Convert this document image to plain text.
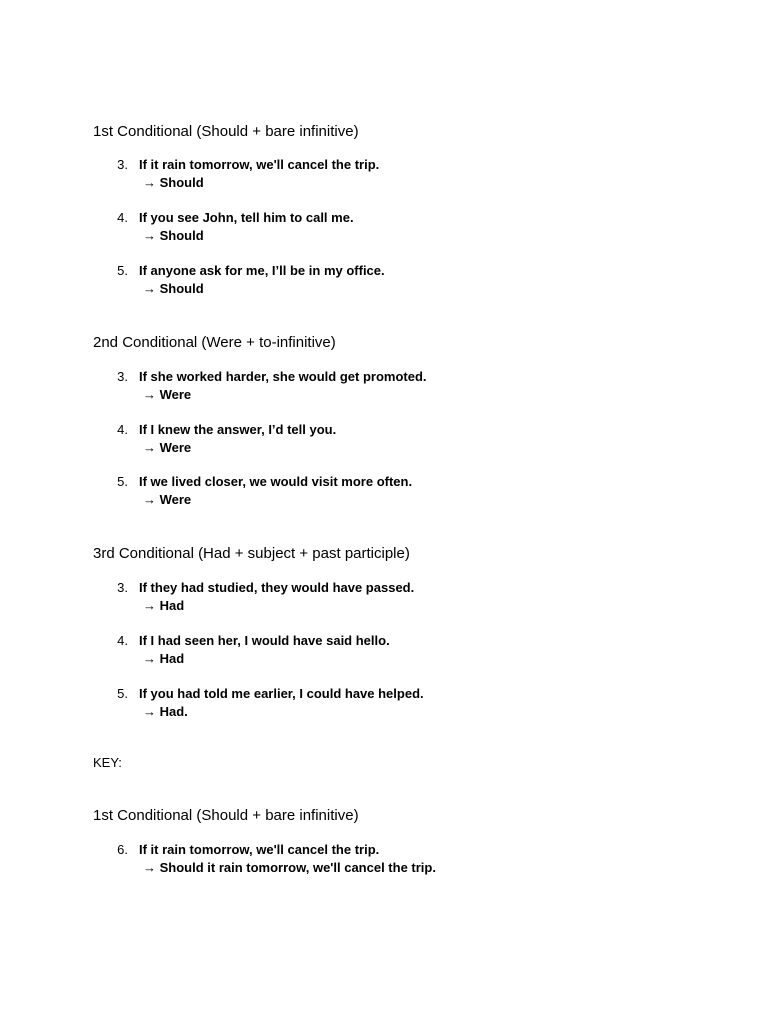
1st Conditional (Should + bare infinitive)
3. If it rain tomorrow, we'll cancel the trip.
→ Should
4. If you see John, tell him to call me.
→ Should
5. If anyone ask for me, I’ll be in my office.
→ Should
2nd Conditional (Were + to-infinitive)
3. If she worked harder, she would get promoted.
→ Were
4. If I knew the answer, I’d tell you.
→ Were
5. If we lived closer, we would visit more often.
→ Were
3rd Conditional (Had + subject + past participle)
3. If they had studied, they would have passed.
→ Had
4. If I had seen her, I would have said hello.
→ Had
5. If you had told me earlier, I could have helped.
→ Had.
KEY:
1st Conditional (Should + bare infinitive)
6. If it rain tomorrow, we'll cancel the trip.
→ Should it rain tomorrow, we'll cancel the trip.
